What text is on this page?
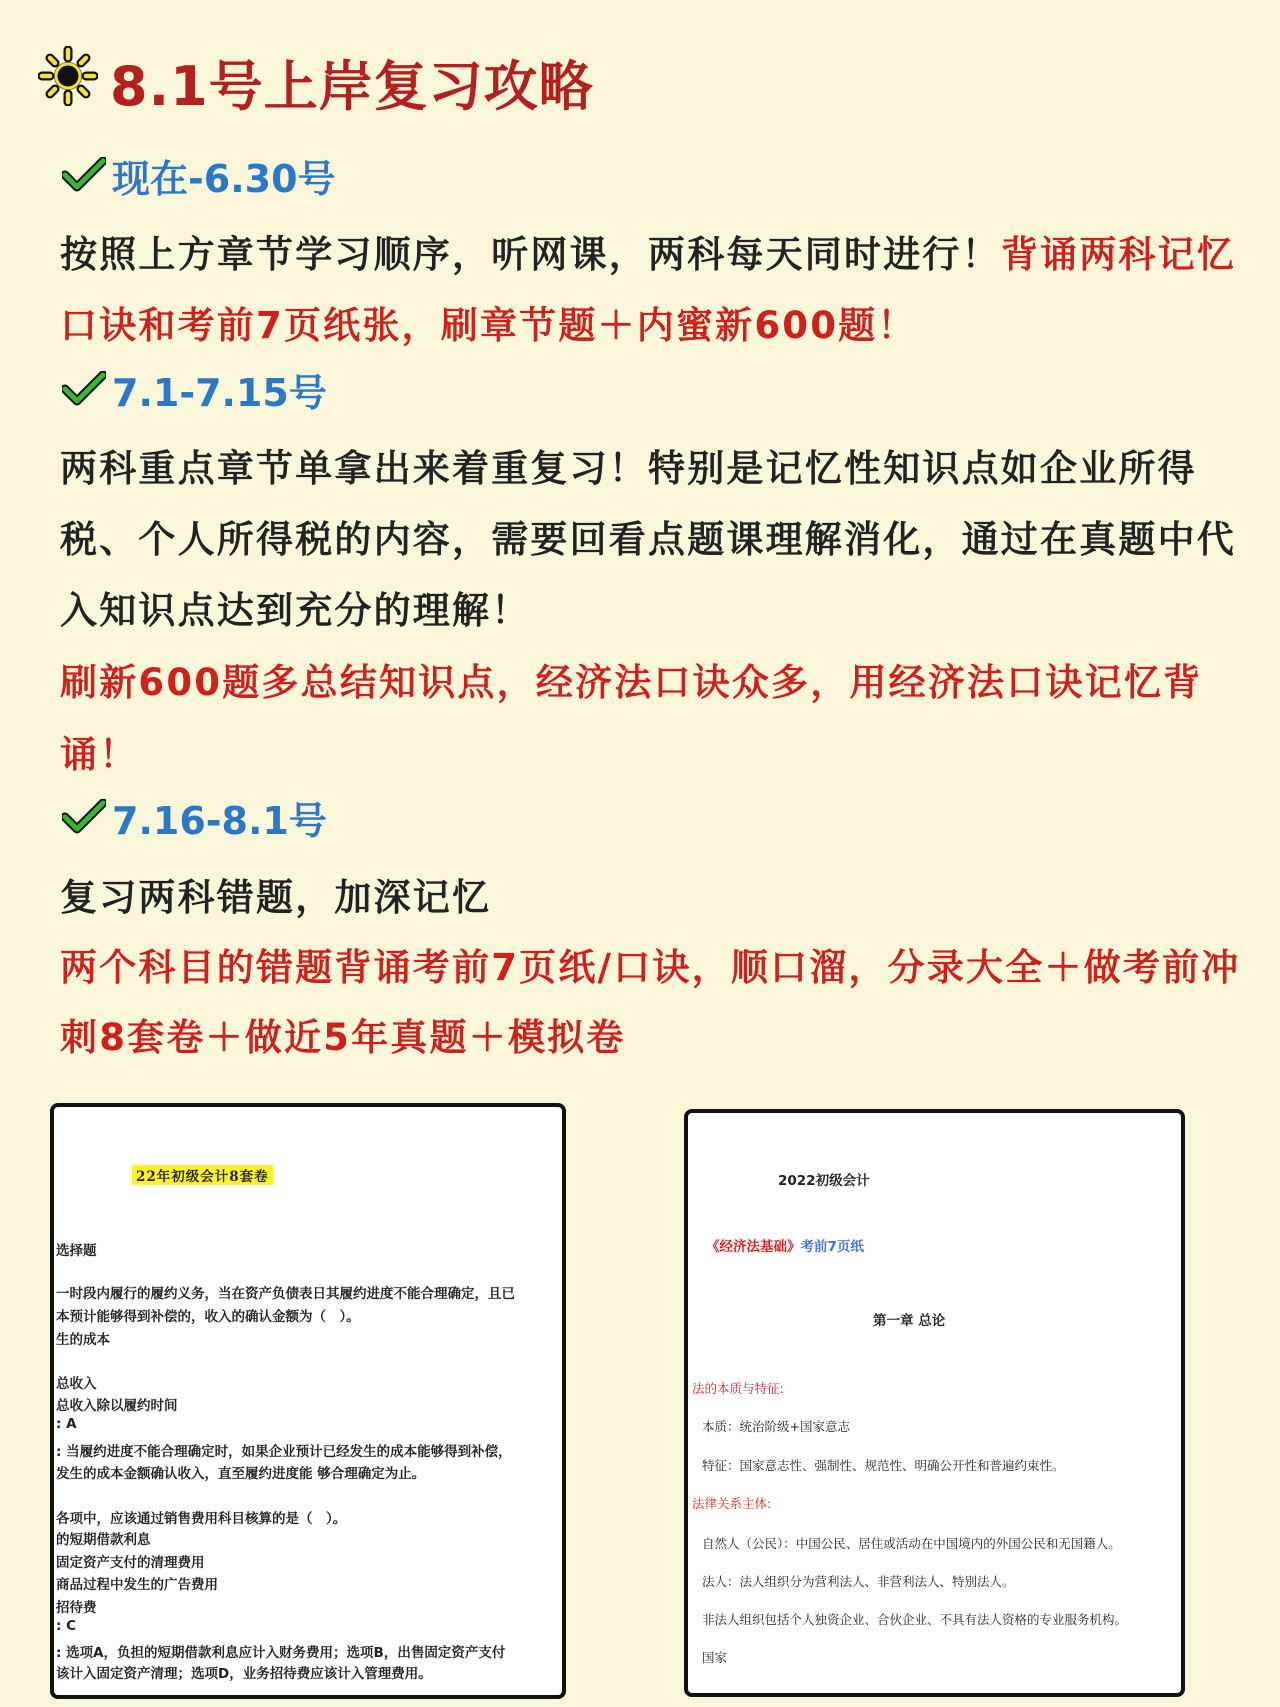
8.1号上岸复习攻略
现在-6.30号
按照上方章节学习顺序，听网课，两科每天同时进行！背诵两科记忆
口诀和考前7页纸张，刷章节题＋内蜜新600题！
7.1-7.15号
两科重点章节单拿出来着重复习！特别是记忆性知识点如企业所得
税、个人所得税的内容，需要回看点题课理解消化，通过在真题中代
入知识点达到充分的理解！
刷新600题多总结知识点，经济法口诀众多，用经济法口诀记忆背
诵！
7.16-8.1号
复习两科错题，加深记忆
两个科目的错题背诵考前7页纸/口诀，顺口溜，分录大全＋做考前冲
刺8套卷＋做近5年真题＋模拟卷
22年初级会计8套卷
选择题
一时段内履行的履约义务，当在资产负债表日其履约进度不能合理确定，且已
本预计能够得到补偿的，收入的确认金额为（　）。
生的成本
总收入
总收入除以履约时间
: A
: 当履约进度不能合理确定时，如果企业预计已经发生的成本能够得到补偿，
发生的成本金额确认收入，直至履约进度能 够合理确定为止。
各项中，应该通过销售费用科目核算的是（　）。
的短期借款利息
固定资产支付的清理费用
商品过程中发生的广告费用
招待费
: C
: 选项A，负担的短期借款利息应计入财务费用；选项B，出售固定资产支付
该计入固定资产清理；选项D，业务招待费应该计入管理费用。
2022初级会计
《经济法基础》考前7页纸
第一章 总论
法的本质与特征:
本质：统治阶级+国家意志
特征：国家意志性、强制性、规范性、明确公开性和普遍约束性。
法律关系主体:
自然人（公民）：中国公民、居住或活动在中国境内的外国公民和无国籍人。
法人：法人组织分为营利法人、非营利法人、特别法人。
非法人组织包括个人独资企业、合伙企业、不具有法人资格的专业服务机构。
国家
